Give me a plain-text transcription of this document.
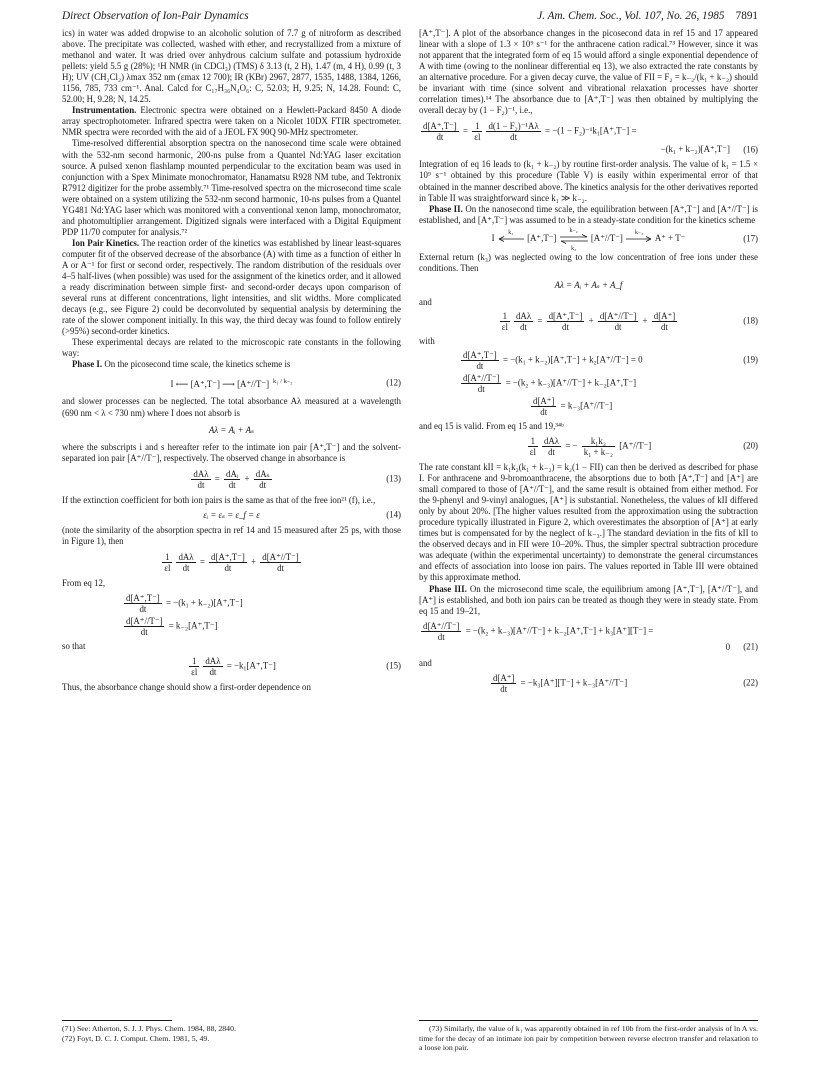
Direct Observation of Ion-Pair Dynamics	J. Am. Chem. Soc., Vol. 107, No. 26, 1985 7891

ics) in water was added dropwise to an alcoholic solution of 7.7 g of nitroform as described above. The precipitate was collected, washed with ether, and recrystallized from a mixture of methanol and water. It was dried over anhydrous calcium sulfate and potassium hydroxide pellets: yield 5.5 g (28%); ¹H NMR (in CDCl₃) (TMS) δ 3.13 (t, 2 H), 1.47 (m, 4 H), 0.99 (t, 3 H); UV (CH₂Cl₂) λmax 352 nm (εmax 12 700); IR (KBr) 2967, 2877, 1535, 1488, 1384, 1266, 1156, 785, 733 cm⁻¹. Anal. Calcd for C₁₇H₃₆N₄O₆: C, 52.03; H, 9.25; N, 14.28. Found: C, 52.00; H, 9.28; N, 14.25.

Instrumentation. Electronic spectra were obtained on a Hewlett-Packard 8450 A diode array spectrophotometer. Infrared spectra were taken on a Nicolet 10DX FTIR spectrometer. NMR spectra were recorded with the aid of a JEOL FX 90Q 90-MHz spectrometer.

Time-resolved differential absorption spectra on the nanosecond time scale were obtained with the 532-nm second harmonic, 200-ns pulse from a Quantel Nd:YAG laser excitation source. A pulsed xenon flashlamp mounted perpendicular to the excitation beam was used in conjunction with a Spex Minimate monochromator, Hanamatsu R928 NM tube, and Tektronix R7912 digitizer for the probe assembly.⁷¹ Time-resolved spectra on the microsecond time scale were obtained on a system utilizing the 532-nm second harmonic, 10-ns pulses from a Quantel YG481 Nd:YAG laser which was monitored with a conventional xenon lamp, monochromator, and photomultiplier arrangement. Digitized signals were interfaced with a Digital Equipment PDP 11/70 computer for analysis.⁷²

Ion Pair Kinetics. The reaction order of the kinetics was established by linear least-squares computer fit of the observed decrease of the absorbance (A) with time as a function of either ln A or A⁻¹ for first or second order, respectively. The random distribution of the residuals over 4–5 half-lives (when possible) was used for the assignment of the kinetics order, and it allowed a ready discrimination between simple first- and second-order decays upon comparison of several runs at different concentrations, light intensities, and slit widths. More complicated decays (e.g., see Figure 2) could be deconvoluted by sequential analysis by determining the rate of the slower component initially. In this way, the third decay was found to follow entirely (>95%) second-order kinetics.

These experimental decays are related to the microscopic rate constants in the following way:

Phase I. On the picosecond time scale, the kinetics scheme is

I ⟵ [A⁺,T⁻] ⟶ [A⁺//T⁻] $^{k_1 / k_{-2}}$	(12)

and slower processes can be neglected. The total absorbance Aλ measured at a wavelength (690 nm < λ < 730 nm) where I does not absorb is

Aλ = Aᵢ + Aₛ

where the subscripts i and s hereafter refer to the intimate ion pair [A⁺,T⁻] and the solvent-separated ion pair [A⁺//T⁻], respectively. The observed change in absorbance is

$\frac{\text{dAλ}}{dt} = \frac{\text{dAᵢ}}{dt} + \frac{\text{dAₛ}}{dt}$	(13)

If the extinction coefficient for both ion pairs is the same as that of the free ion²¹ (f), i.e.,

εᵢ = εₛ = ε_f = ε	(14)

(note the similarity of the absorption spectra in ref 14 and 15 measured after 25 ps, with those in Figure 1), then

$\frac{1}{\varepsilon l} \frac{\text{dAλ}}{dt} = \frac{d[A^+,T^-]}{dt} + \frac{d[A^+//T^-]}{dt}$

From eq 12,

$\frac{d[A^+,T^-]}{dt} = -(k_1 + k_{-2})[A^+,T^-]$
$\frac{d[A^+//T^-]}{dt} = k_{-2}[A^+,T^-]$

so that

$\frac{1}{\varepsilon l} \frac{\text{dAλ}}{dt} = -k_1[A^+,T^-]$	(15)

Thus, the absorbance change should show a first-order dependence on

(71) See: Atherton, S. J. J. Phys. Chem. 1984, 88, 2840.
(72) Foyt, D. C. J. Comput. Chem. 1981, 5, 49.

[A⁺,T⁻]. A plot of the absorbance changes in the picosecond data in ref 15 and 17 appeared linear with a slope of 1.3 × 10⁹ s⁻¹ for the anthracene cation radical.⁷³ However, since it was not apparent that the integrated form of eq 15 would afford a single exponential dependence of A with time (owing to the nonlinear differential eq 13), we also extracted the rate constants by an alternative procedure. For a given decay curve, the value of FII = F₂ = k₋₂/(k₁ + k₋₂) should be invariant with time (since solvent and vibrational relaxation processes have shorter correlation times).¹⁴ The absorbance due to [A⁺,T⁻] was then obtained by multiplying the overall decay by (1 − F₂)⁻¹, i.e.,

$\frac{d[A^+,T^-]}{dt} = \frac{1}{\varepsilon l} \frac{\text{d(1 − F₂)⁻¹Aλ}}{dt} = -(1 - F_2)^{-1}k_1[A^+,T^-]$ =
−(k₁ + k₋₂)[A⁺,T⁻] (16)

Integration of eq 16 leads to (k₁ + k₋₂) by routine first-order analysis. The value of k₁ = 1.5 × 10⁹ s⁻¹ obtained by this procedure (Table V) is easily within experimental error of that obtained in the manner described above. The kinetics analysis for the other derivatives reported in Table II was straightforward since k₁ ≫ k₋₂.

Phase II. On the nanosecond time scale, the equilibration between [A⁺,T⁻] and [A⁺//T⁻] is established, and [A⁺,T⁻] was assumed to be in a steady-state condition for the kinetics scheme

I
k₁
[A⁺,T⁻]
k₋₂
k₂
[A⁺//T⁻]
k₋₃
A⁺ + T⁻	(17)

External return (k₃) was neglected owing to the low concentration of free ions under these conditions. Then

Aλ = Aᵢ + Aₛ + A_f

and

$\frac{1}{\varepsilon l} \frac{\text{dAλ}}{dt} = \frac{d[A^+,T^-]}{dt} + \frac{d[A^+//T^-]}{dt} + \frac{d[A^+]}{dt}$	(18)

with

$\frac{d[A^+,T^-]}{dt} = -(k_1 + k_{-2})[A^+,T^-] + k_2[A^+//T^-] = 0$	(19)
$\frac{d[A^+//T^-]}{dt} = -(k_2 + k_{-3})[A^+//T^-] + k_{-2}[A^+,T^-]$
$\frac{d[A^+]}{dt} = k_{-3}[A^+//T^-]$

and eq 15 is valid. From eq 15 and 19,³⁴ᵇ

$\frac{1}{\varepsilon l} \frac{\text{dAλ}}{dt}$ = − $\frac{\text{k₁k₂}}{\text{k₁ + k₋₂}} [A^+//T^-]$	(20)

The rate constant kII = k₁k₂(k₁ + k₋₂) = k₂(1 − FII) can then be derived as described for phase I. For anthracene and 9-bromoanthracene, the absorptions due to both [A⁺,T⁻] and [A⁺] are small compared to those of [A⁺//T⁻], and the same result is obtained from either method. For the 9-phenyl and 9-vinyl analogues, [A⁺] is substantial. Nonetheless, the values of kII differed only by about 20%. [The higher values resulted from the approximation using the subtraction procedure typically illustrated in Figure 2, which overestimates the absorption of [A⁺] at early times but is compensated for by the neglect of k₋₃.] The standard deviation in the fits of kII to the observed decays and in FII were 10–20%. Thus, the simpler spectral subtraction procedure was adequate (within the experimental uncertainty) to demonstrate the general circumstances and effects of association into loose ion pairs. The values reported in Table III were obtained by this approximate method.

Phase III. On the microsecond time scale, the equilibrium among [A⁺,T⁻], [A⁺//T⁻], and [A⁺] is established, and both ion pairs can be treated as though they were in steady state. From eq 15 and 19–21,

$\frac{d[A^+//T^-]}{dt} = -(k_2 + k_{-3})[A^+//T^-] + k_{-2}[A^+,T^-] + k_3[A^+][T^-]$ =
0 (21)

and

$\frac{d[A^+]}{dt} = -k_3[A^+][T^-] + k_{-3}[A^+//T^-]$	(22)
(73) Similarly, the value of k₁ was apparently obtained in ref 10b from the first-order analysis of ln A vs. time for the decay of an intimate ion pair by competition between reverse electron transfer and relaxation to a loose ion pair.
